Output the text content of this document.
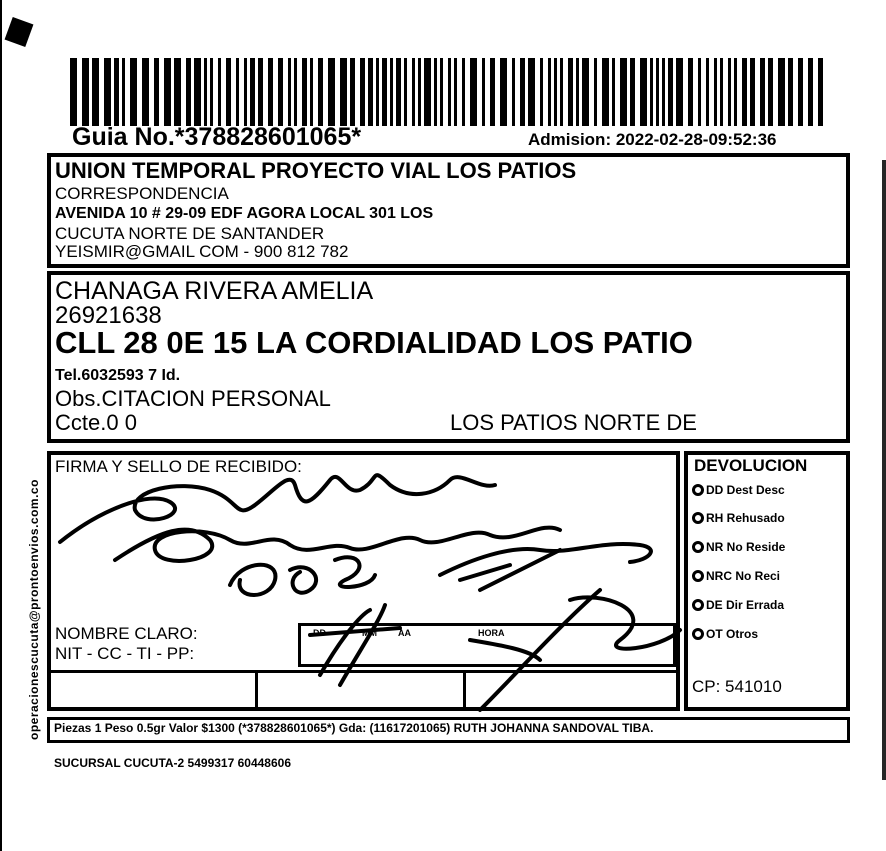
Guia No.*378828601065*	Admision: 2022-02-28-09:52:36
UNION TEMPORAL PROYECTO VIAL LOS PATIOS
CORRESPONDENCIA
AVENIDA 10 # 29-09 EDF AGORA LOCAL 301 LOS
CUCUTA NORTE DE SANTANDER
YEISMIR@GMAIL COM - 900 812 782
CHANAGA RIVERA AMELIA
26921638
CLL 28 0E 15 LA CORDIALIDAD LOS PATIO
Tel.6032593 7 Id.
Obs.CITACION PERSONAL
Ccte.0 0	LOS PATIOS NORTE DE
FIRMA Y SELLO DE RECIBIDO:
NOMBRE CLARO:
NIT - CC - TI - PP:
DD	MM AA	HORA
DEVOLUCION
DD Dest Desc
RH Rehusado
NR No Reside
NRC No Reci
DE Dir Errada
OT Otros
CP: 541010
Piezas 1 Peso 0.5gr Valor $1300 (*378828601065*) Gda: (11617201065) RUTH JOHANNA SANDOVAL TIBA.
SUCURSAL CUCUTA-2 5499317 60448606
operacionescucuta@prontoenvios.com.co
